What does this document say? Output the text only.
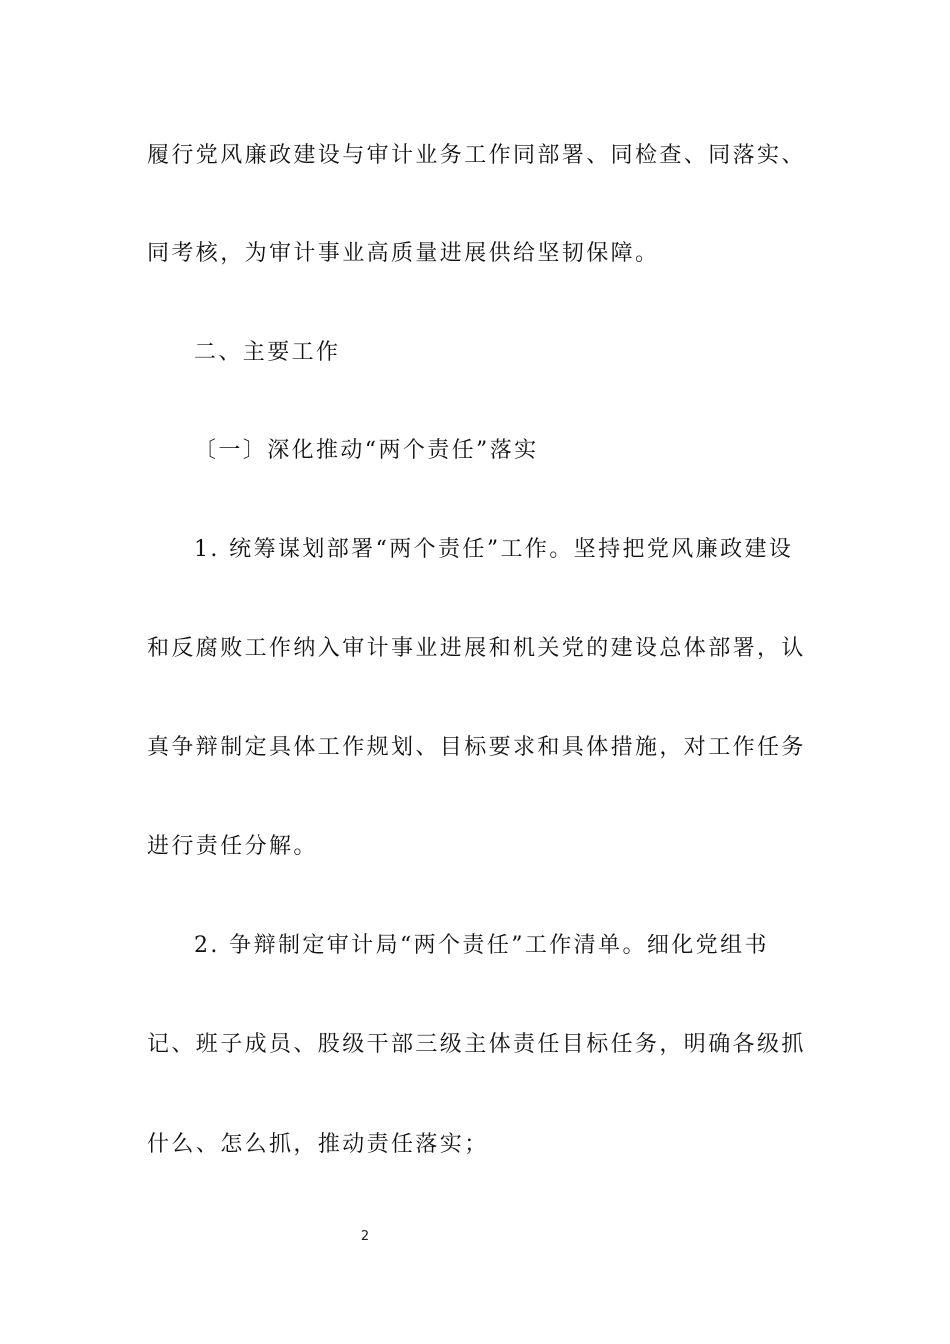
履行党风廉政建设与审计业务工作同部署、同检查、同落实、
同考核，为审计事业高质量进展供给坚韧保障。
二、主要工作
〔一〕深化推动“两个责任”落实
1. 统筹谋划部署“两个责任”工作。坚持把党风廉政建设
和反腐败工作纳入审计事业进展和机关党的建设总体部署，认
真争辩制定具体工作规划、目标要求和具体措施，对工作任务
进行责任分解。
2. 争辩制定审计局“两个责任”工作清单。细化党组书
记、班子成员、股级干部三级主体责任目标任务，明确各级抓
什么、怎么抓，推动责任落实；
2
